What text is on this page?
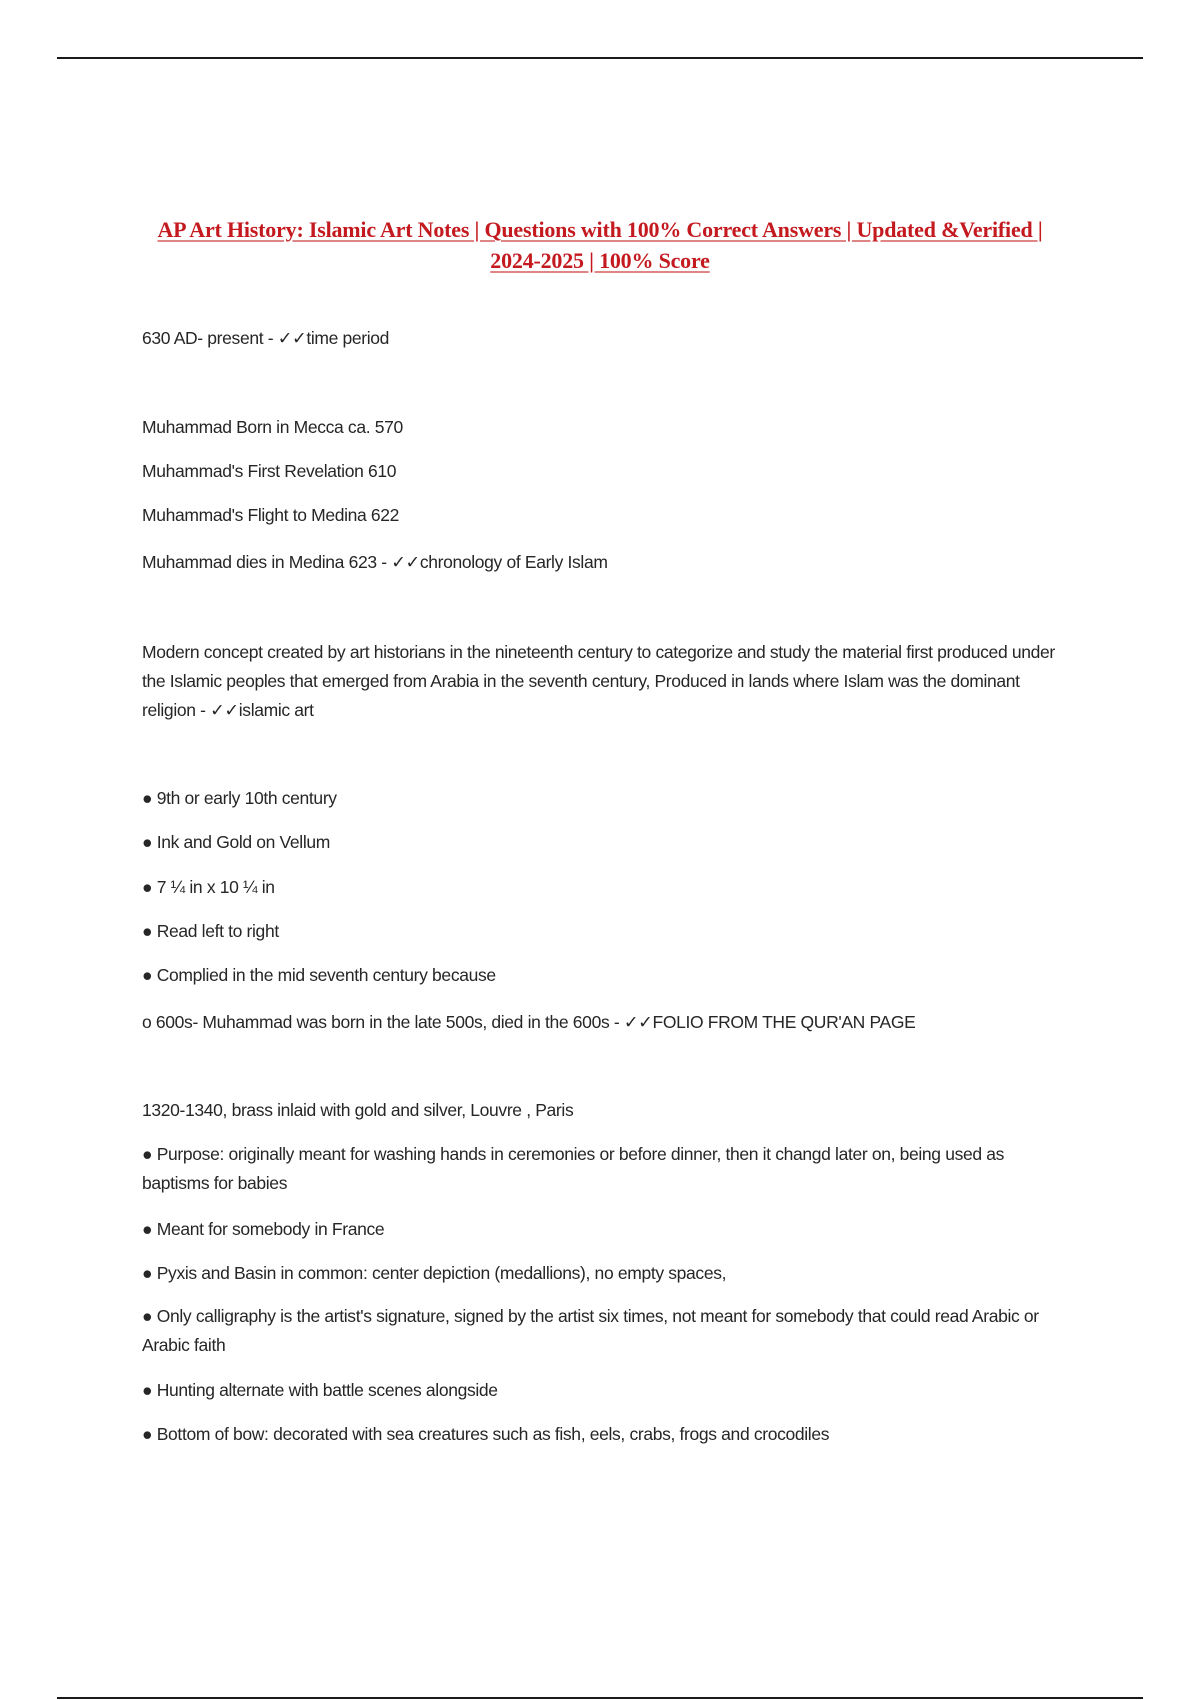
AP Art History: Islamic Art Notes | Questions with 100% Correct Answers | Updated &Verified | 2024-2025 | 100% Score
630 AD- present - ✓✓time period
Muhammad Born in Mecca ca. 570
Muhammad's First Revelation 610
Muhammad's Flight to Medina 622
Muhammad dies in Medina 623 - ✓✓chronology of Early Islam
Modern concept created by art historians in the nineteenth century to categorize and study the material first produced under the Islamic peoples that emerged from Arabia in the seventh century, Produced in lands where Islam was the dominant religion - ✓✓islamic art
● 9th or early 10th century
● Ink and Gold on Vellum
● 7 ¼ in x 10 ¼ in
● Read left to right
● Complied in the mid seventh century because
o 600s- Muhammad was born in the late 500s, died in the 600s - ✓✓FOLIO FROM THE QUR'AN PAGE
1320-1340, brass inlaid with gold and silver, Louvre , Paris
● Purpose: originally meant for washing hands in ceremonies or before dinner, then it changd later on, being used as baptisms for babies
● Meant for somebody in France
● Pyxis and Basin in common: center depiction (medallions), no empty spaces,
● Only calligraphy is the artist's signature, signed by the artist six times, not meant for somebody that could read Arabic or Arabic faith
● Hunting alternate with battle scenes alongside
● Bottom of bow: decorated with sea creatures such as fish, eels, crabs, frogs and crocodiles
